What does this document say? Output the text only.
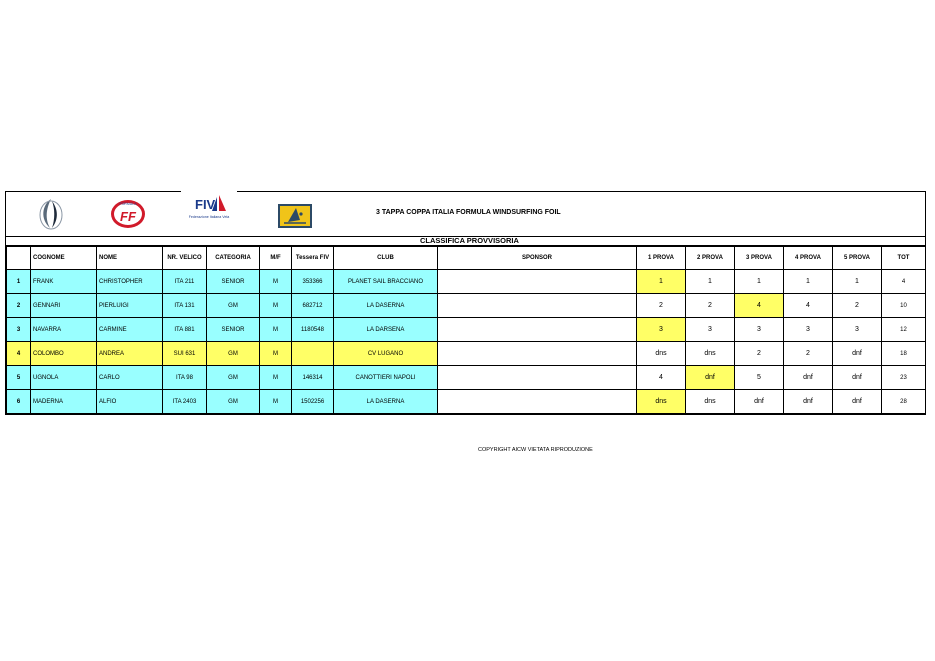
FORMULA
FF
FIV
Federazione Italiana Vela
3 TAPPA COPPA ITALIA FORMULA WINDSURFING FOIL
CLASSIFICA PROVVISORIA
	COGNOME	NOME	NR. VELICO	CATEGORIA	M/F	Tessera FIV	CLUB	SPONSOR	1 PROVA	2 PROVA	3 PROVA	4 PROVA	5 PROVA	TOT
1	FRANK	CHRISTOPHER	ITA 211	SENIOR	M	353366	PLANET SAIL BRACCIANO		1	1	1	1	1	4
2	GENNARI	PIERLUIGI	ITA 131	GM	M	682712	LA DASERNA		2	2	4	4	2	10
3	NAVARRA	CARMINE	ITA 881	SENIOR	M	1180548	LA DARSENA		3	3	3	3	3	12
4	COLOMBO	ANDREA	SUI 631	GM	M		CV LUGANO		dns	dns	2	2	dnf	18
5	UGNOLA	CARLO	ITA 98	GM	M	146314	CANOTTIERI NAPOLI		4	dnf	5	dnf	dnf	23
6	MADERNA	ALFIO	ITA 2403	GM	M	1502256	LA DASERNA		dns	dns	dnf	dnf	dnf	28
COPYRIGHT AICW VIETATA RIPRODUZIONE
